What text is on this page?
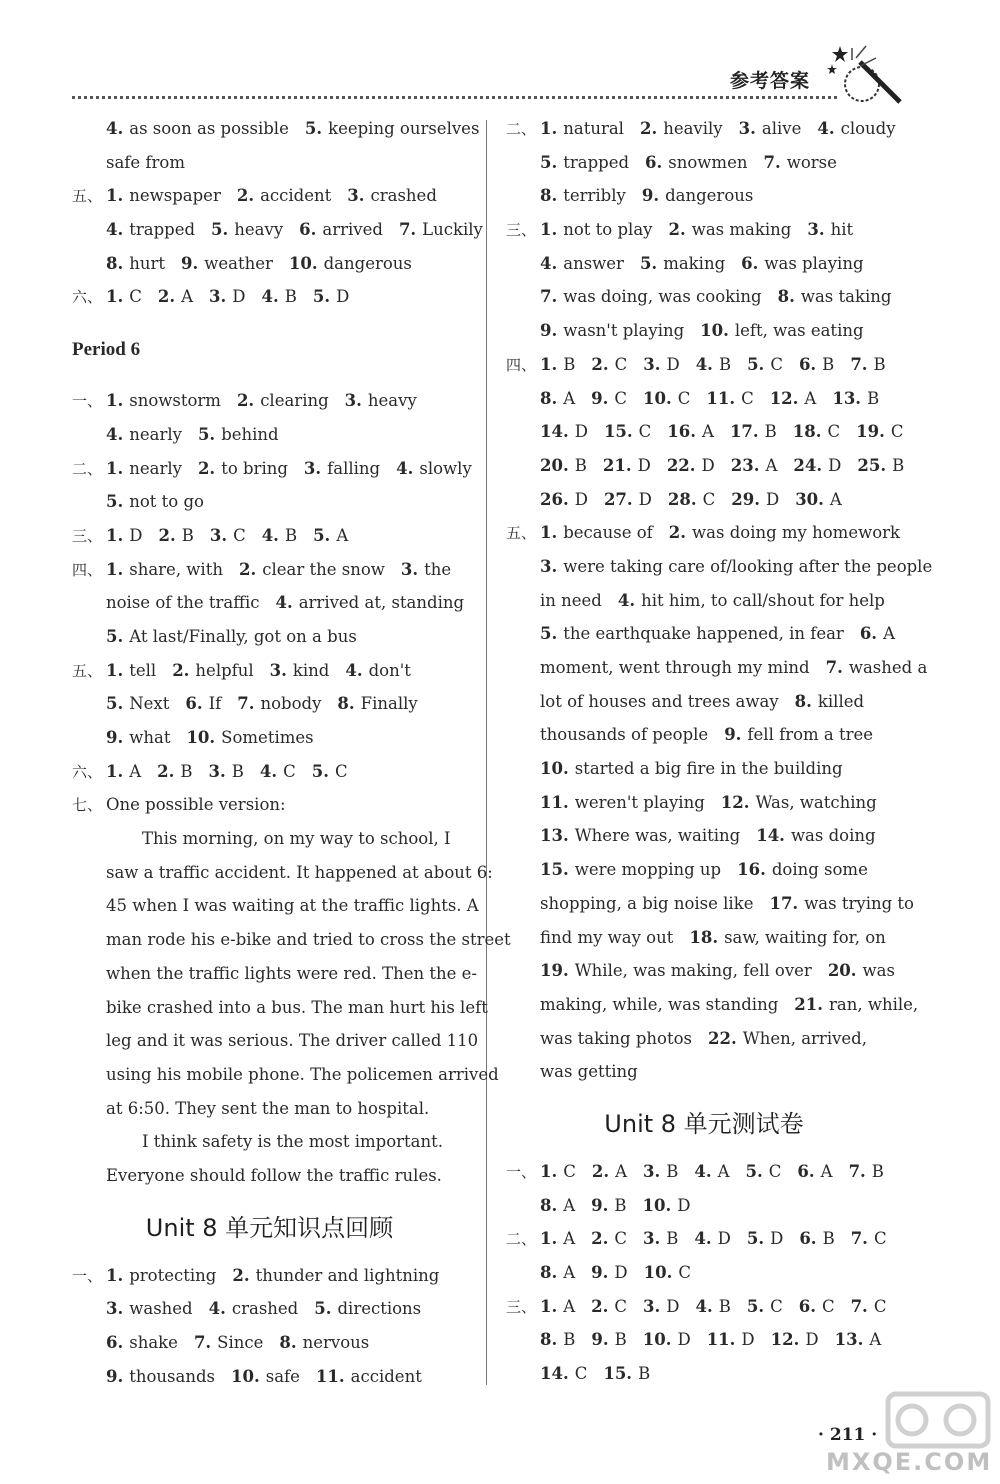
参考答案
4. as soon as possible 5. keeping ourselves
safe from
五、 1. newspaper 2. accident 3. crashed
4. trapped 5. heavy 6. arrived 7. Luckily
8. hurt 9. weather 10. dangerous
六、 1. C 2. A 3. D 4. B 5. D
Period 6
一、 1. snowstorm 2. clearing 3. heavy
4. nearly 5. behind
二、 1. nearly 2. to bring 3. falling 4. slowly
5. not to go
三、 1. D 2. B 3. C 4. B 5. A
四、 1. share, with 2. clear the snow 3. the
noise of the traffic 4. arrived at, standing
5. At last/Finally, got on a bus
五、 1. tell 2. helpful 3. kind 4. don't
5. Next 6. If 7. nobody 8. Finally
9. what 10. Sometimes
六、 1. A 2. B 3. B 4. C 5. C
七、 One possible version:
This morning, on my way to school, I
saw a traffic accident. It happened at about 6:
45 when I was waiting at the traffic lights. A
man rode his e-bike and tried to cross the street
when the traffic lights were red. Then the e-
bike crashed into a bus. The man hurt his left
leg and it was serious. The driver called 110
using his mobile phone. The policemen arrived
at 6:50. They sent the man to hospital.
I think safety is the most important.
Everyone should follow the traffic rules.
Unit 8 单元知识点回顾
一、 1. protecting 2. thunder and lightning
3. washed 4. crashed 5. directions
6. shake 7. Since 8. nervous
9. thousands 10. safe 11. accident
二、 1. natural 2. heavily 3. alive 4. cloudy
5. trapped 6. snowmen 7. worse
8. terribly 9. dangerous
三、 1. not to play 2. was making 3. hit
4. answer 5. making 6. was playing
7. was doing, was cooking 8. was taking
9. wasn't playing 10. left, was eating
四、 1. B 2. C 3. D 4. B 5. C 6. B 7. B
8. A 9. C 10. C 11. C 12. A 13. B
14. D 15. C 16. A 17. B 18. C 19. C
20. B 21. D 22. D 23. A 24. D 25. B
26. D 27. D 28. C 29. D 30. A
五、 1. because of 2. was doing my homework
3. were taking care of/looking after the people
in need 4. hit him, to call/shout for help
5. the earthquake happened, in fear 6. A
moment, went through my mind 7. washed a
lot of houses and trees away 8. killed
thousands of people 9. fell from a tree
10. started a big fire in the building
11. weren't playing 12. Was, watching
13. Where was, waiting 14. was doing
15. were mopping up 16. doing some
shopping, a big noise like 17. was trying to
find my way out 18. saw, waiting for, on
19. While, was making, fell over 20. was
making, while, was standing 21. ran, while,
was taking photos 22. When, arrived,
was getting
Unit 8 单元测试卷
一、 1. C 2. A 3. B 4. A 5. C 6. A 7. B
8. A 9. B 10. D
二、 1. A 2. C 3. B 4. D 5. D 6. B 7. C
8. A 9. D 10. C
三、 1. A 2. C 3. D 4. B 5. C 6. C 7. C
8. B 9. B 10. D 11. D 12. D 13. A
14. C 15. B
· 211 ·
MXQE.COM
